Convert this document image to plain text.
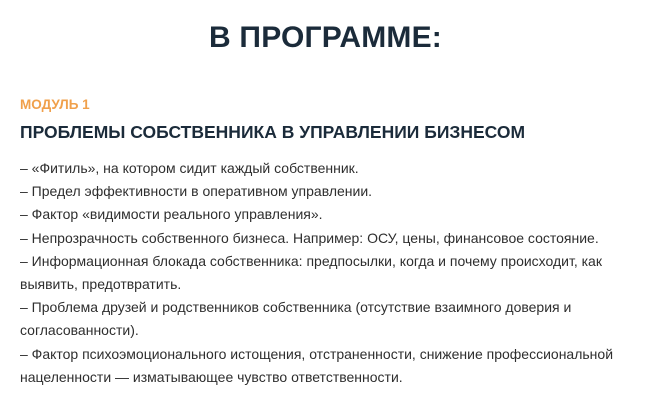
В ПРОГРАММЕ:
МОДУЛЬ 1
ПРОБЛЕМЫ СОБСТВЕННИКА В УПРАВЛЕНИИ БИЗНЕСОМ
– «Фитиль», на котором сидит каждый собственник.
– Предел эффективности в оперативном управлении.
– Фактор «видимости реального управления».
– Непрозрачность собственного бизнеса. Например: ОСУ, цены, финансовое состояние.
– Информационная блокада собственника: предпосылки, когда и почему происходит, как выявить, предотвратить.
– Проблема друзей и родственников собственника (отсутствие взаимного доверия и согласованности).
– Фактор психоэмоционального истощения, отстраненности, снижение профессиональной нацеленности — изматывающее чувство ответственности.
